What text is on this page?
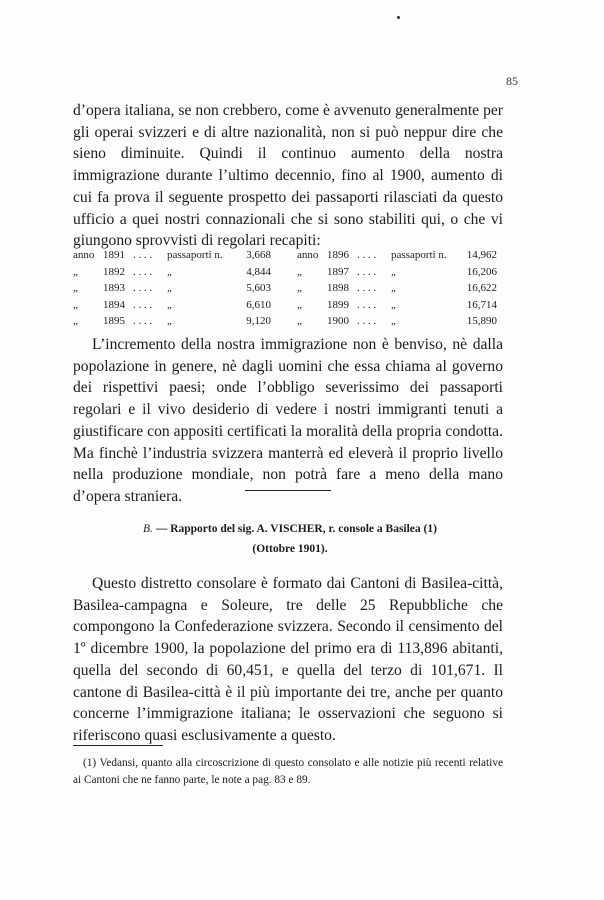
85

d’opera italiana, se non crebbero, come è avvenuto generalmente per gli operai svizzeri e di altre nazionalità, non si può neppur dire che sieno diminuite. Quindi il continuo aumento della nostra immigrazione durante l’ultimo decennio, fino al 1900, aumento di cui fa prova il seguente prospetto dei passaporti rilasciati da questo ufficio a quei nostri connazionali che si sono stabiliti qui, o che vi giungono sprovvisti di regolari recapiti:

anno	1891	. . . .	passaporti n.	3,668	anno	1896	. . . .	passaporti n.	14,962
„	1892	. . . .	„	4,844	„	1897	. . . .	„	16,206
„	1893	. . . .	„	5,603	„	1898	. . . .	„	16,622
„	1894	. . . .	„	6,610	„	1899	. . . .	„	16,714
„	1895	. . . .	„	9,120	„	1900	. . . .	„	15,890

L’incremento della nostra immigrazione non è benviso, nè dalla popolazione in genere, nè dagli uomini che essa chiama al governo dei rispettivi paesi; onde l’obbligo severissimo dei passaporti regolari e il vivo desiderio di vedere i nostri immigranti tenuti a giustificare con appositi certificati la moralità della propria condotta. Ma finchè l’industria svizzera manterrà ed eleverà il proprio livello nella produzione mondiale, non potrà fare a meno della mano d’opera straniera.

B. — Rapporto del sig. A. VISCHER, r. console a Basilea (1)

(Ottobre 1901).

Questo distretto consolare è formato dai Cantoni di Basilea-città, Basilea-campagna e Soleure, tre delle 25 Repubbliche che compongono la Confederazione svizzera. Secondo il censimento del 1º dicembre 1900, la popolazione del primo era di 113,896 abitanti, quella del secondo di 60,451, e quella del terzo di 101,671. Il cantone di Basilea-città è il più importante dei tre, anche per quanto concerne l’immigrazione italiana; le osservazioni che seguono si riferiscono quasi esclusivamente a questo.

(1) Vedansi, quanto alla circoscrizione di questo consolato e alle notizie più recenti relative ai Cantoni che ne fanno parte, le note a pag. 83 e 89.
